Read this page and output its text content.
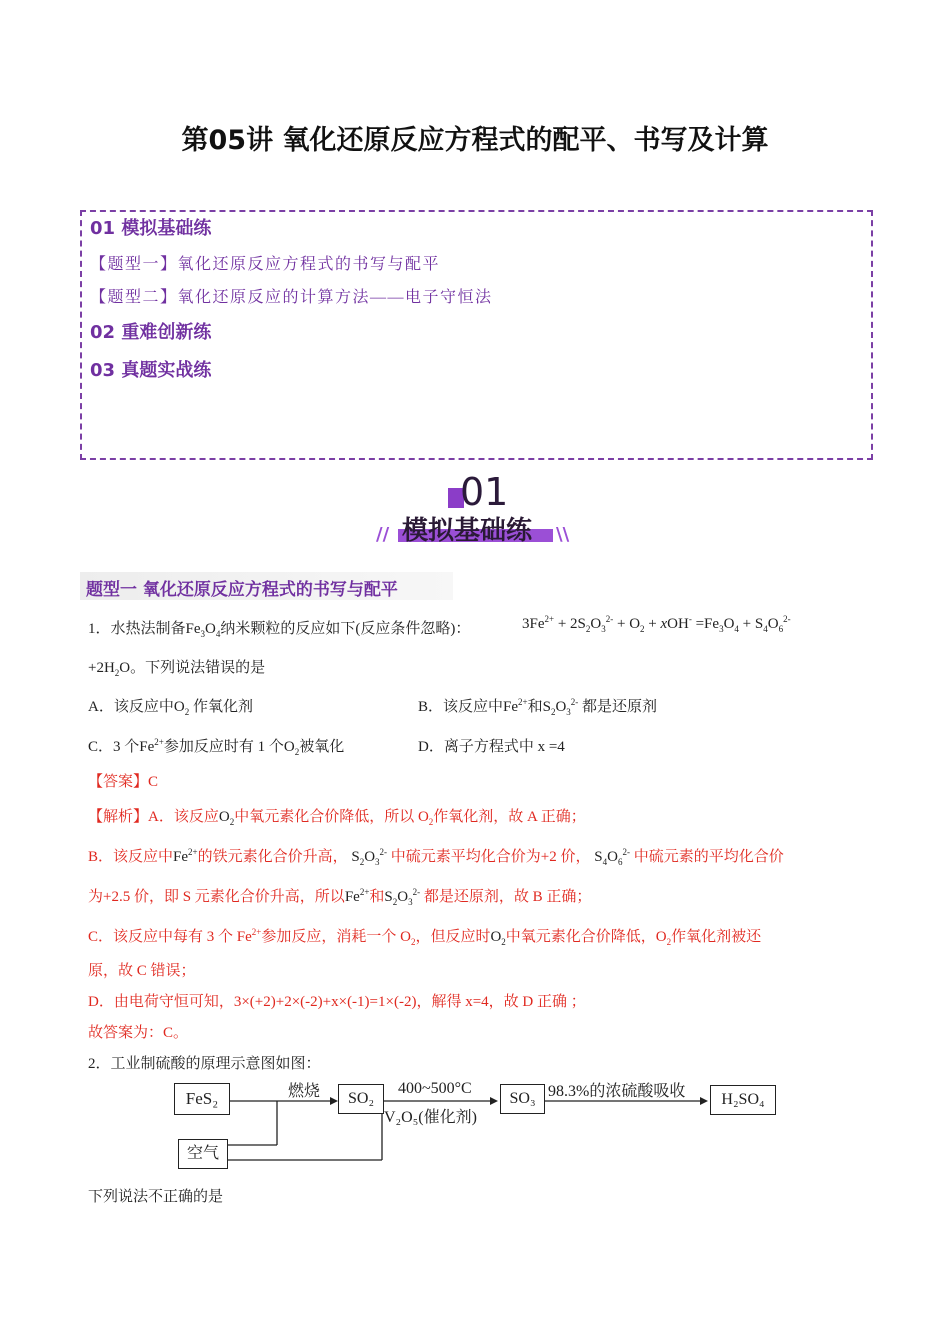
第05讲 氧化还原反应方程式的配平、书写及计算
01 模拟基础练
【题型一】氧化还原反应方程式的书写与配平
【题型二】氧化还原反应的计算方法——电子守恒法
02 重难创新练
03 真题实战练
01
// 模拟基础练 \\
题型一 氧化还原反应方程式的书写与配平
1．水热法制备$Fe_3O_4$纳米颗粒的反应如下(反应条件忽略)：	$3Fe^{2+} + 2S_2O_3^{2-} + O_2 + xOH^- =Fe_3O_4 + S_4O_6^{2-}$
$+2H_2O$。下列说法错误的是
A．该反应中$O_2$ 作氧化剂	B．该反应中$Fe^{2+}$和$S_2O_3^{2-}$ 都是还原剂
C．3 个$Fe^{2+}$参加反应时有 1 个$O_2$被氧化	D．离子方程式中 x =4
【答案】C
【解析】A．该反应$O_2$中氧元素化合价降低，所以 $O_2$作氧化剂，故 A 正确；
B．该反应中$Fe^{2+}$的铁元素化合价升高， $S_2O_3^{2-}$ 中硫元素平均化合价为+2 价， $S_4O_6^{2-}$ 中硫元素的平均化合价
为+2.5 价，即 S 元素化合价升高，所以$Fe^{2+}$和$S_2O_3^{2-}$ 都是还原剂，故 B 正确；
C．该反应中每有 3 个 $Fe^{2+}$参加反应，消耗一个 $O_2$，但反应时$O_2$中氧元素化合价降低，$O_2$作氧化剂被还
原，故 C 错误；
D．由电荷守恒可知，3×(+2)+2×(-2)+x×(-1)=1×(-2)，解得 x=4，故 D 正确 ；
故答案为：C。
2．工业制硫酸的原理示意图如图：
FeS₂
空气
燃烧	SO₂
400~500°C
V₂O₅(催化剂)
SO₃ 98.3%的浓硫酸吸收	H₂SO₄
下列说法不正确的是
